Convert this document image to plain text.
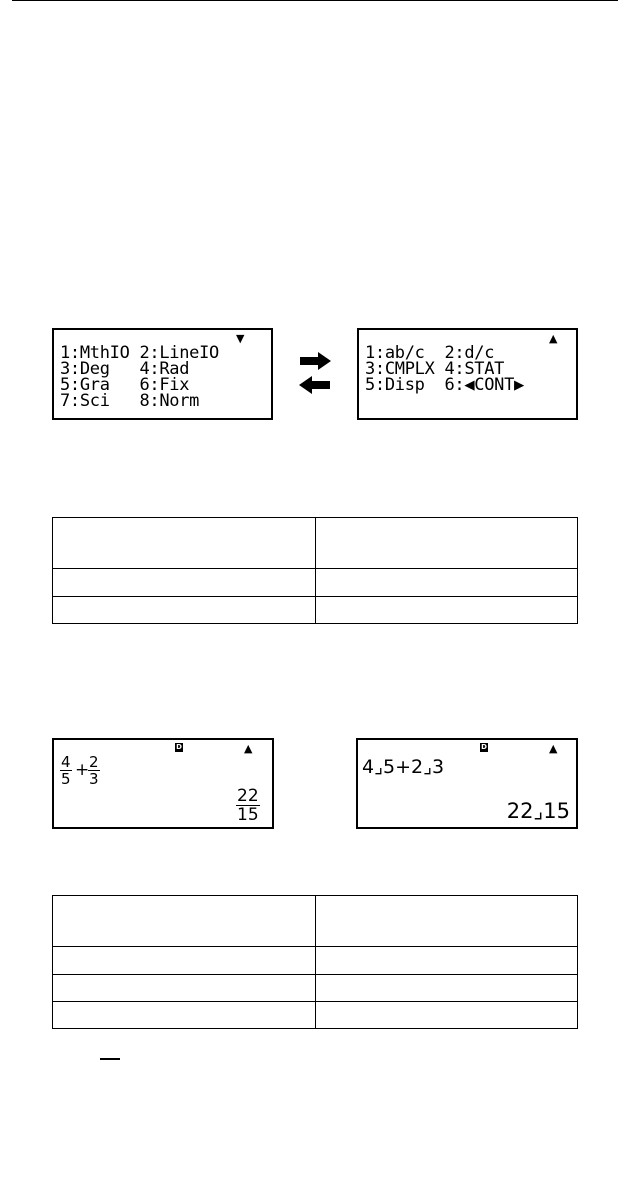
▼
1:MthIO 2:LineIO
3:Deg   4:Rad
5:Gra   6:Fix
7:Sci   8:Norm
▲
1:ab/c  2:d/c
3:CMPLX 4:STAT
5:Disp  6:◀CONT▶

D	▲
$\frac{4}{5}$ +
$\frac{2}{3}$
$\frac{22}{15}$
D	▲
4⌟5+2⌟3
22⌟15
